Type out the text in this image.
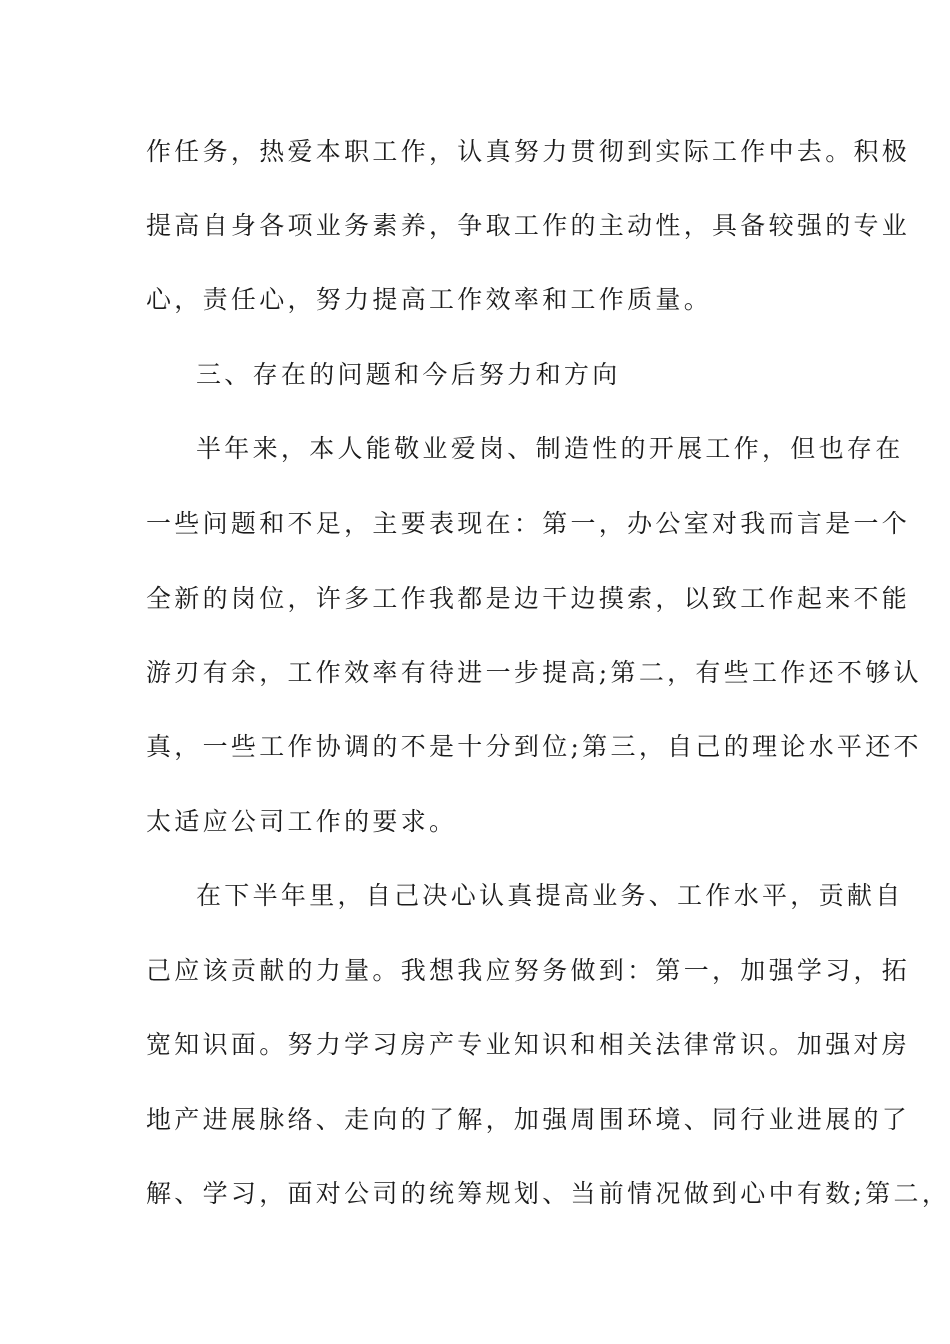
作任务，热爱本职工作，认真努力贯彻到实际工作中去。积极
提高自身各项业务素养，争取工作的主动性，具备较强的专业
心，责任心，努力提高工作效率和工作质量。
三、存在的问题和今后努力和方向
半年来，本人能敬业爱岗、制造性的开展工作，但也存在
一些问题和不足，主要表现在：第一，办公室对我而言是一个
全新的岗位，许多工作我都是边干边摸索，以致工作起来不能
游刃有余，工作效率有待进一步提高;第二，有些工作还不够认
真，一些工作协调的不是十分到位;第三，自己的理论水平还不
太适应公司工作的要求。
在下半年里，自己决心认真提高业务、工作水平，贡献自
己应该贡献的力量。我想我应努务做到：第一，加强学习，拓
宽知识面。努力学习房产专业知识和相关法律常识。加强对房
地产进展脉络、走向的了解，加强周围环境、同行业进展的了
解、学习，面对公司的统筹规划、当前情况做到心中有数;第二，
